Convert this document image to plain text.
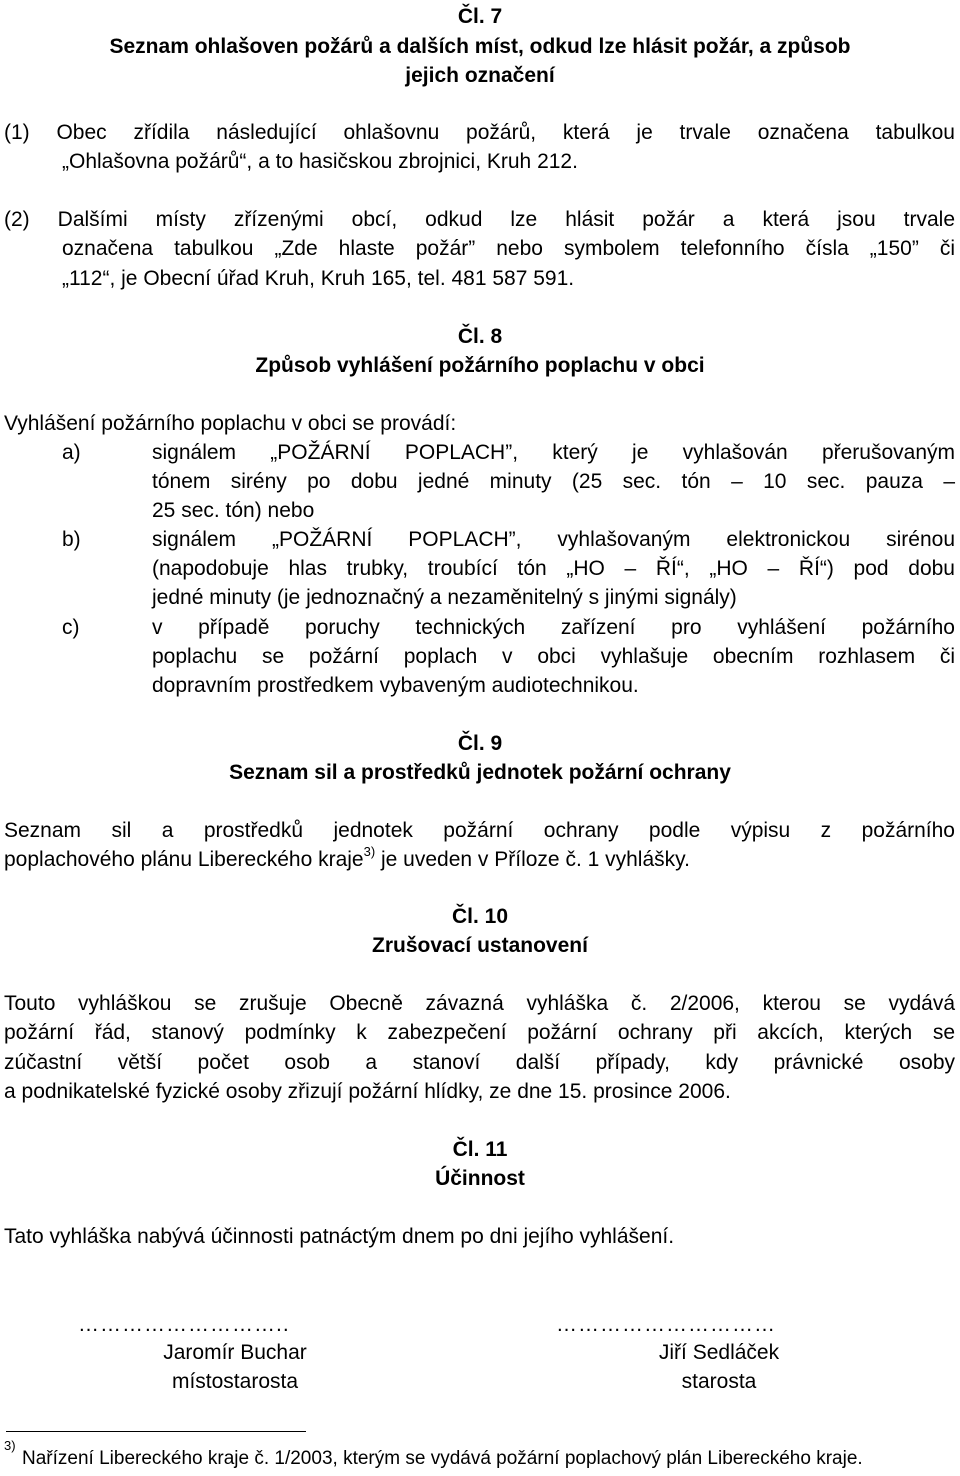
Čl. 7
Seznam ohlašoven požárů a dalších míst, odkud lze hlásit požár, a způsob
jejich označení
(1) Obec zřídila následující ohlašovnu požárů, která je trvale označena tabulkou
„Ohlašovna požárů“, a to hasičskou zbrojnici, Kruh 212.
(2) Dalšími místy zřízenými obcí, odkud lze hlásit požár a která jsou trvale
označena tabulkou „Zde hlaste požár” nebo symbolem telefonního čísla „150” či
„112“, je Obecní úřad Kruh, Kruh 165, tel. 481 587 591.
Čl. 8
Způsob vyhlášení požárního poplachu v obci
Vyhlášení požárního poplachu v obci se provádí:
a)	signálem „POŽÁRNÍ POPLACH”, který je vyhlašován přerušovaným
tónem sirény po dobu jedné minuty (25 sec. tón – 10 sec. pauza –
25 sec. tón) nebo
b)	signálem „POŽÁRNÍ POPLACH”, vyhlašovaným elektronickou sirénou
(napodobuje hlas trubky, troubící tón „HO – ŘÍ“, „HO – ŘÍ“) pod dobu
jedné minuty (je jednoznačný a nezaměnitelný s jinými signály)
c)	v případě poruchy technických zařízení pro vyhlášení požárního
poplachu se požární poplach v obci vyhlašuje obecním rozhlasem či
dopravním prostředkem vybaveným audiotechnikou.
Čl. 9
Seznam sil a prostředků jednotek požární ochrany
Seznam sil a prostředků jednotek požární ochrany podle výpisu z požárního
poplachového plánu Libereckého kraje$^{3)}$ je uveden v Příloze č. 1 vyhlášky.
Čl. 10
Zrušovací ustanovení
Touto vyhláškou se zrušuje Obecně závazná vyhláška č. 2/2006, kterou se vydává
požární řád, stanový podmínky k zabezpečení požární ochrany při akcích, kterých se
zúčastní větší počet osob a stanoví další případy, kdy právnické osoby
a podnikatelské fyzické osoby zřizují požární hlídky, ze dne 15. prosince 2006.
Čl. 11
Účinnost
Tato vyhláška nabývá účinnosti patnáctým dnem po dni jejího vyhlášení.
………………………..
Jaromír Buchar
místostarosta
…………………………
Jiří Sedláček
starosta
3)
Nařízení Libereckého kraje č. 1/2003, kterým se vydává požární poplachový plán Libereckého kraje.
